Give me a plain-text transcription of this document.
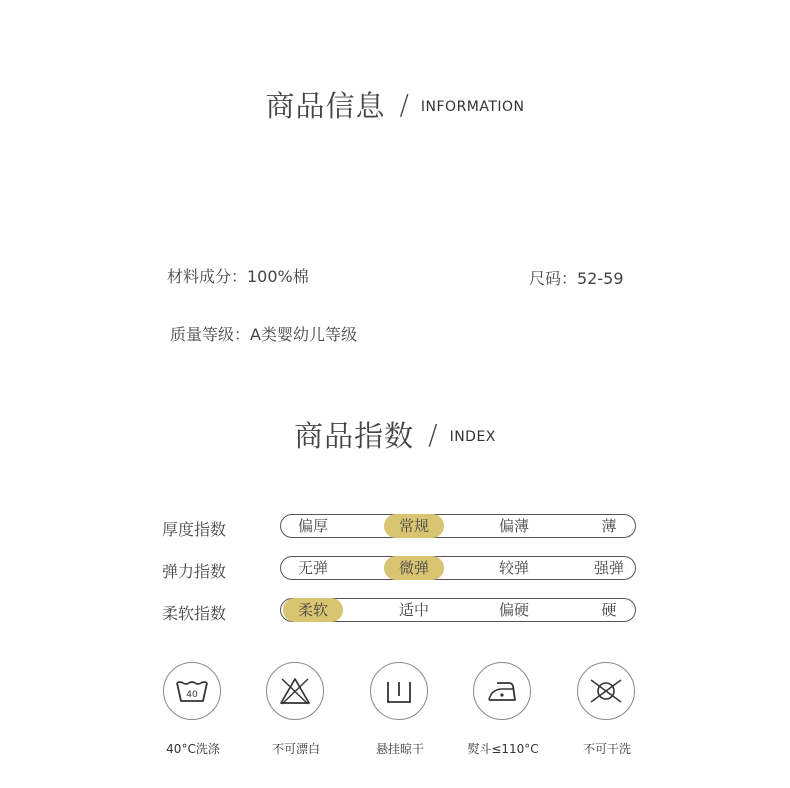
商品信息 / INFORMATION
材料成分：100%棉	尺码：52-59
质量等级：A类婴幼儿等级
商品指数 / INDEX
厚度指数	偏厚	常规	偏薄	薄
弹力指数	无弹	微弹	较弹	强弹
柔软指数	柔软	适中	偏硬	硬
40
40°C洗涤	不可漂白	悬挂晾干	熨斗≤110°C	不可干洗
